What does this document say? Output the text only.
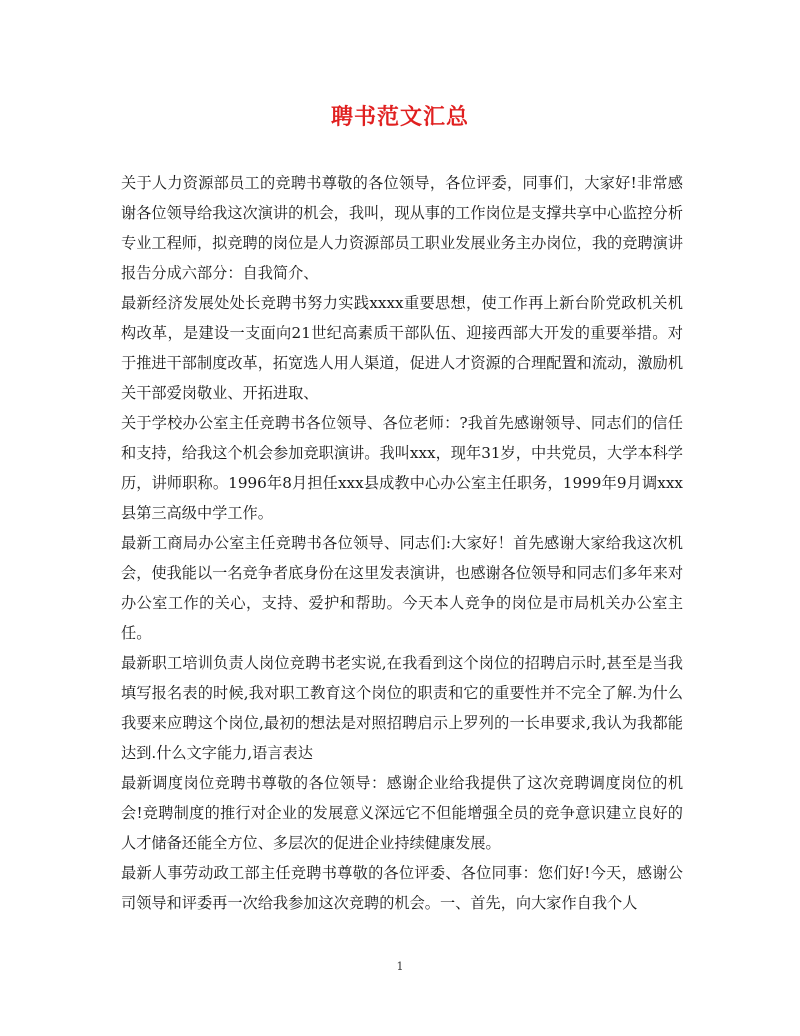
聘书范文汇总

关于人力资源部员工的竞聘书尊敬的各位领导，各位评委，同事们，大家好!非常感谢各位领导给我这次演讲的机会，我叫，现从事的工作岗位是支撑共享中心监控分析专业工程师，拟竞聘的岗位是人力资源部员工职业发展业务主办岗位，我的竞聘演讲报告分成六部分：自我简介、

最新经济发展处处长竞聘书努力实践xxxx重要思想，使工作再上新台阶党政机关机构改革，是建设一支面向21世纪高素质干部队伍、迎接西部大开发的重要举措。对于推进干部制度改革，拓宽选人用人渠道，促进人才资源的合理配置和流动，激励机关干部爱岗敬业、开拓进取、

关于学校办公室主任竞聘书各位领导、各位老师：?我首先感谢领导、同志们的信任和支持，给我这个机会参加竞职演讲。我叫xxx，现年31岁，中共党员，大学本科学历，讲师职称。1996年8月担任xxx县成教中心办公室主任职务，1999年9月调xxx县第三高级中学工作。

最新工商局办公室主任竞聘书各位领导、同志们:大家好！首先感谢大家给我这次机会，使我能以一名竞争者底身份在这里发表演讲，也感谢各位领导和同志们多年来对办公室工作的关心，支持、爱护和帮助。今天本人竞争的岗位是市局机关办公室主任。

最新职工培训负责人岗位竞聘书老实说,在我看到这个岗位的招聘启示时,甚至是当我填写报名表的时候,我对职工教育这个岗位的职责和它的重要性并不完全了解.为什么我要来应聘这个岗位,最初的想法是对照招聘启示上罗列的一长串要求,我认为我都能达到.什么文字能力,语言表达

最新调度岗位竞聘书尊敬的各位领导：感谢企业给我提供了这次竞聘调度岗位的机会!竞聘制度的推行对企业的发展意义深远它不但能增强全员的竞争意识建立良好的人才储备还能全方位、多层次的促进企业持续健康发展。

最新人事劳动政工部主任竞聘书尊敬的各位评委、各位同事：您们好!今天，感谢公司领导和评委再一次给我参加这次竞聘的机会。一、首先，向大家作自我个人

1
